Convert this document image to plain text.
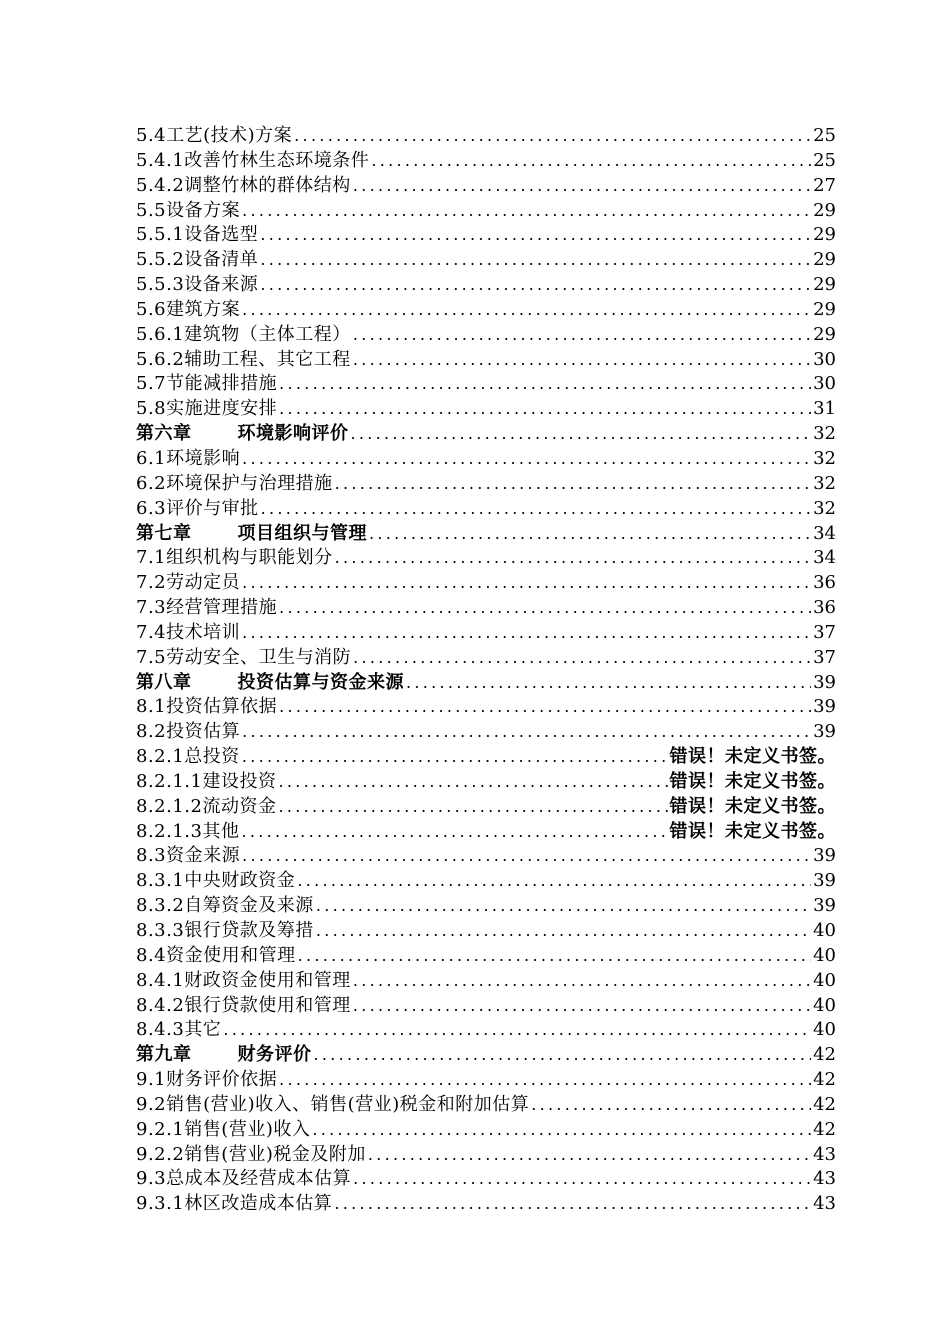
5.4工艺(技术)方案 .....	25
5.4.1改善竹林生态环境条件 .....	25
5.4.2调整竹林的群体结构 .....	27
5.5设备方案 .....	29
5.5.1设备选型 .....	29
5.5.2设备清单 .....	29
5.5.3设备来源 .....	29
5.6建筑方案 .....	29
5.6.1建筑物（主体工程） .....	29
5.6.2辅助工程、其它工程 .....	30
5.7节能减排措施 .....	30
5.8实施进度安排 .....	31
第六章	环境影响评价 .....	32
6.1环境影响 .....	32
6.2环境保护与治理措施 .....	32
6.3评价与审批 .....	32
第七章	项目组织与管理 .....	34
7.1组织机构与职能划分 .....	34
7.2劳动定员 .....	36
7.3经营管理措施 .....	36
7.4技术培训 .....	37
7.5劳动安全、卫生与消防 .....	37
第八章	投资估算与资金来源 .....	39
8.1投资估算依据 .....	39
8.2投资估算 .....	39
8.2.1总投资 .....	错误！未定义书签。
8.2.1.1建设投资 .....	错误！未定义书签。
8.2.1.2流动资金 .....	错误！未定义书签。
8.2.1.3其他 .....	错误！未定义书签。
8.3资金来源 .....	39
8.3.1中央财政资金 .....	39
8.3.2自筹资金及来源 .....	39
8.3.3银行贷款及筹措 .....	40
8.4资金使用和管理 .....	40
8.4.1财政资金使用和管理 .....	40
8.4.2银行贷款使用和管理 .....	40
8.4.3其它 .....	40
第九章	财务评价 .....	42
9.1财务评价依据 .....	42
9.2销售(营业)收入、销售(营业)税金和附加估算 .....	42
9.2.1销售(营业)收入 .....	42
9.2.2销售(营业)税金及附加 .....	43
9.3总成本及经营成本估算 .....	43
9.3.1林区改造成本估算 .....	43
